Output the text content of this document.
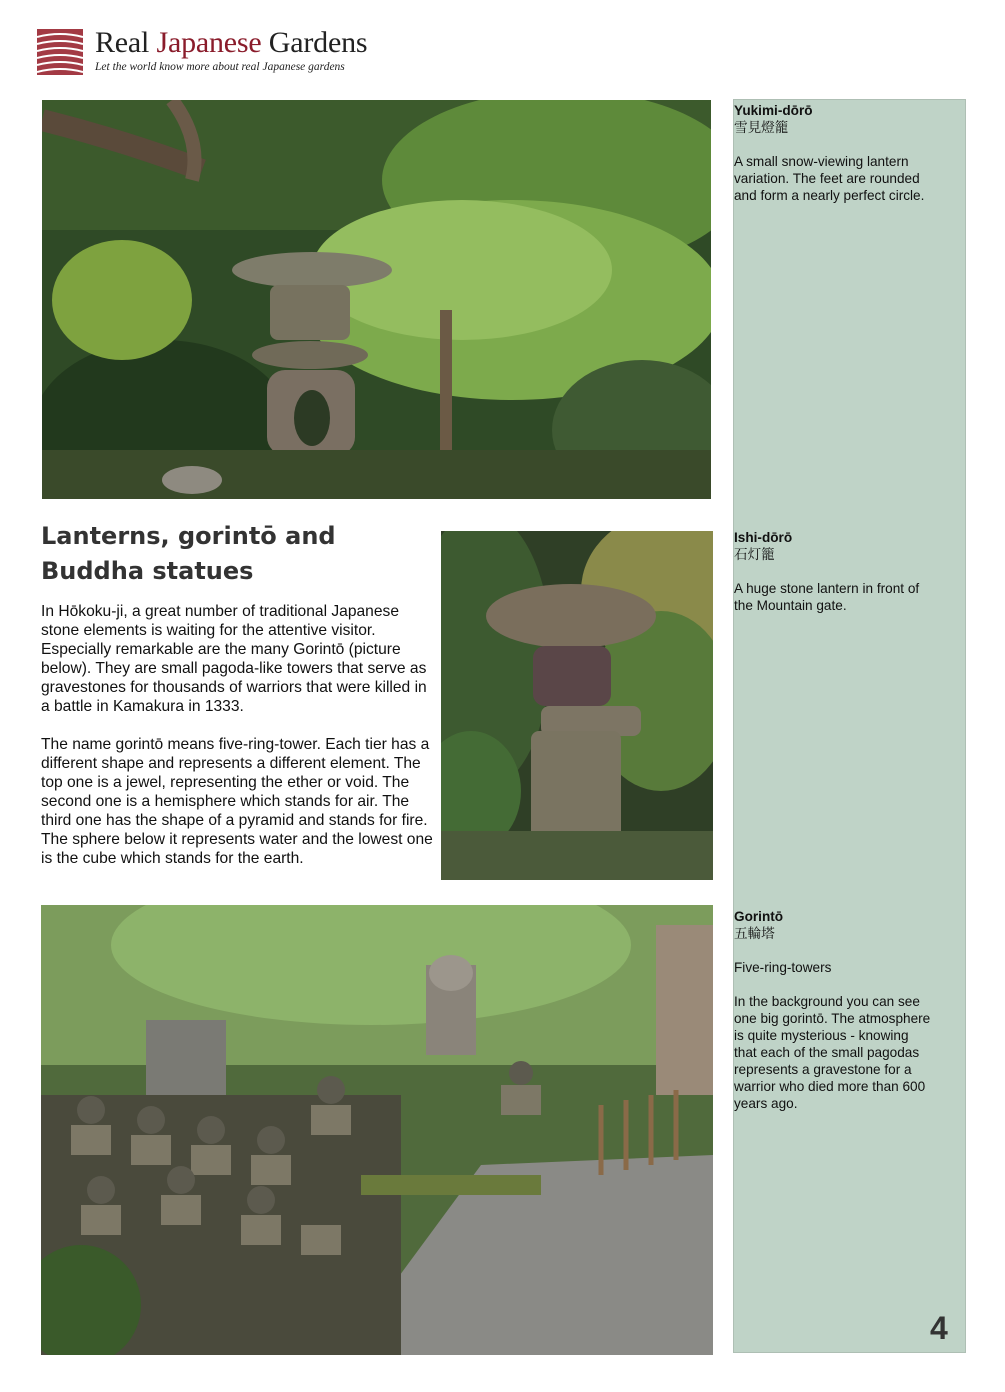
Real Japanese Gardens
Let the world know more about real Japanese gardens
Lanterns, gorintō and Buddha statues

In Hōkoku-ji, a great number of traditional Japanese stone elements is waiting for the attentive visitor. Especially remarkable are the many Gorintō (picture below). They are small pagoda-like towers that serve as gravestones for thousands of warriors that were killed in a battle in Kamakura in 1333.

The name gorintō means five-ring-tower. Each tier has a different shape and represents a different element. The top one is a jewel, representing the ether or void. The second one is a hemisphere which stands for air. The third one has the shape of a pyramid and stands for fire. The sphere below it represents water and the lowest one is the cube which stands for the earth.

Yukimi-dōrō

雪見燈籠

A small snow-viewing lantern variation. The feet are rounded and form a nearly perfect circle.

Ishi-dōrō

石灯籠

A huge stone lantern in front of the Mountain gate.

Gorintō

五輪塔

Five-ring-towers

In the background you can see one big gorintō. The atmosphere is quite mysterious - knowing that each of the small pagodas represents a gravestone for a warrior who died more than 600 years ago.

4
